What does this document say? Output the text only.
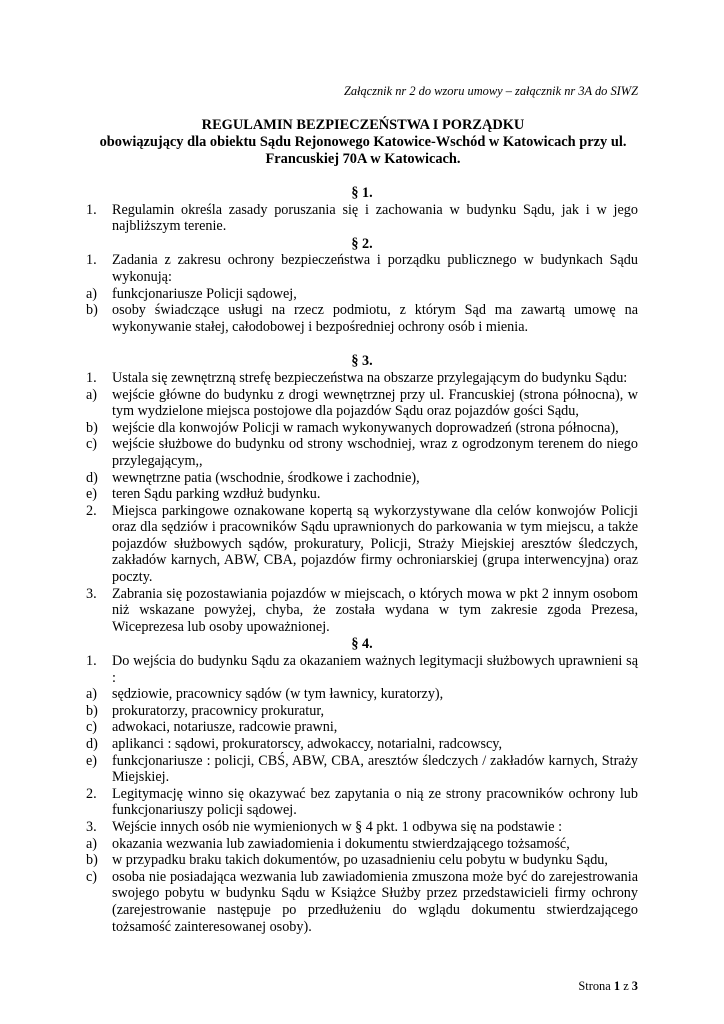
Załącznik nr 2 do wzoru umowy – załącznik nr 3A do SIWZ
REGULAMIN BEZPIECZEŃSTWA I PORZĄDKU
obowiązujący dla obiektu Sądu Rejonowego Katowice-Wschód w Katowicach przy ul.
Francuskiej 70A w Katowicach.
§ 1.
1.	Regulamin określa zasady poruszania się i zachowania w budynku Sądu, jak i w jego najbliższym terenie.
§ 2.
1.	Zadania z zakresu ochrony bezpieczeństwa i porządku publicznego w budynkach Sądu wykonują:
a)	funkcjonariusze Policji sądowej,
b) osoby świadczące usługi na rzecz podmiotu, z którym Sąd ma zawartą umowę na wykonywanie stałej, całodobowej i bezpośredniej ochrony osób i mienia.
§ 3.
1.	Ustala się zewnętrzną strefę bezpieczeństwa na obszarze przylegającym do budynku Sądu:
a)	wejście główne do budynku z drogi wewnętrznej przy ul. Francuskiej (strona północna), w tym wydzielone miejsca postojowe dla pojazdów Sądu oraz pojazdów gości Sądu,
b) wejście dla konwojów Policji w ramach wykonywanych doprowadzeń (strona północna),
c)	wejście służbowe do budynku od strony wschodniej, wraz z ogrodzonym terenem do niego przylegającym,,
d) wewnętrzne patia (wschodnie, środkowe i zachodnie),
e)	teren Sądu parking wzdłuż budynku.
2.	Miejsca parkingowe oznakowane kopertą są wykorzystywane dla celów konwojów Policji oraz dla sędziów i pracowników Sądu uprawnionych do parkowania w tym miejscu, a także pojazdów służbowych sądów, prokuratury, Policji, Straży Miejskiej aresztów śledczych, zakładów karnych, ABW, CBA, pojazdów firmy ochroniarskiej (grupa interwencyjna) oraz poczty.
3.	Zabrania się pozostawiania pojazdów w miejscach, o których mowa w pkt 2 innym osobom niż wskazane powyżej, chyba, że została wydana w tym zakresie zgoda Prezesa, Wiceprezesa lub osoby upoważnionej.
§ 4.
1.	Do wejścia do budynku Sądu za okazaniem ważnych legitymacji służbowych uprawnieni są :
a)	sędziowie, pracownicy sądów (w tym ławnicy, kuratorzy),
b) prokuratorzy, pracownicy prokuratur,
c)	adwokaci, notariusze, radcowie prawni,
d) aplikanci : sądowi, prokuratorscy, adwokaccy, notarialni, radcowscy,
e)	funkcjonariusze : policji, CBŚ, ABW, CBA, aresztów śledczych / zakładów karnych, Straży Miejskiej.
2.	Legitymację winno się okazywać bez zapytania o nią ze strony pracowników ochrony lub funkcjonariuszy policji sądowej.
3.	Wejście innych osób nie wymienionych w § 4 pkt. 1 odbywa się na podstawie :
a)	okazania wezwania lub zawiadomienia i dokumentu stwierdzającego tożsamość,
b) w przypadku braku takich dokumentów, po uzasadnieniu celu pobytu w budynku Sądu,
c)	osoba nie posiadająca wezwania lub zawiadomienia zmuszona może być do zarejestrowania swojego pobytu w budynku Sądu w Książce Służby przez przedstawicieli firmy ochrony (zarejestrowanie następuje po przedłużeniu do wglądu dokumentu stwierdzającego tożsamość zainteresowanej osoby).
Strona 1 z 3
